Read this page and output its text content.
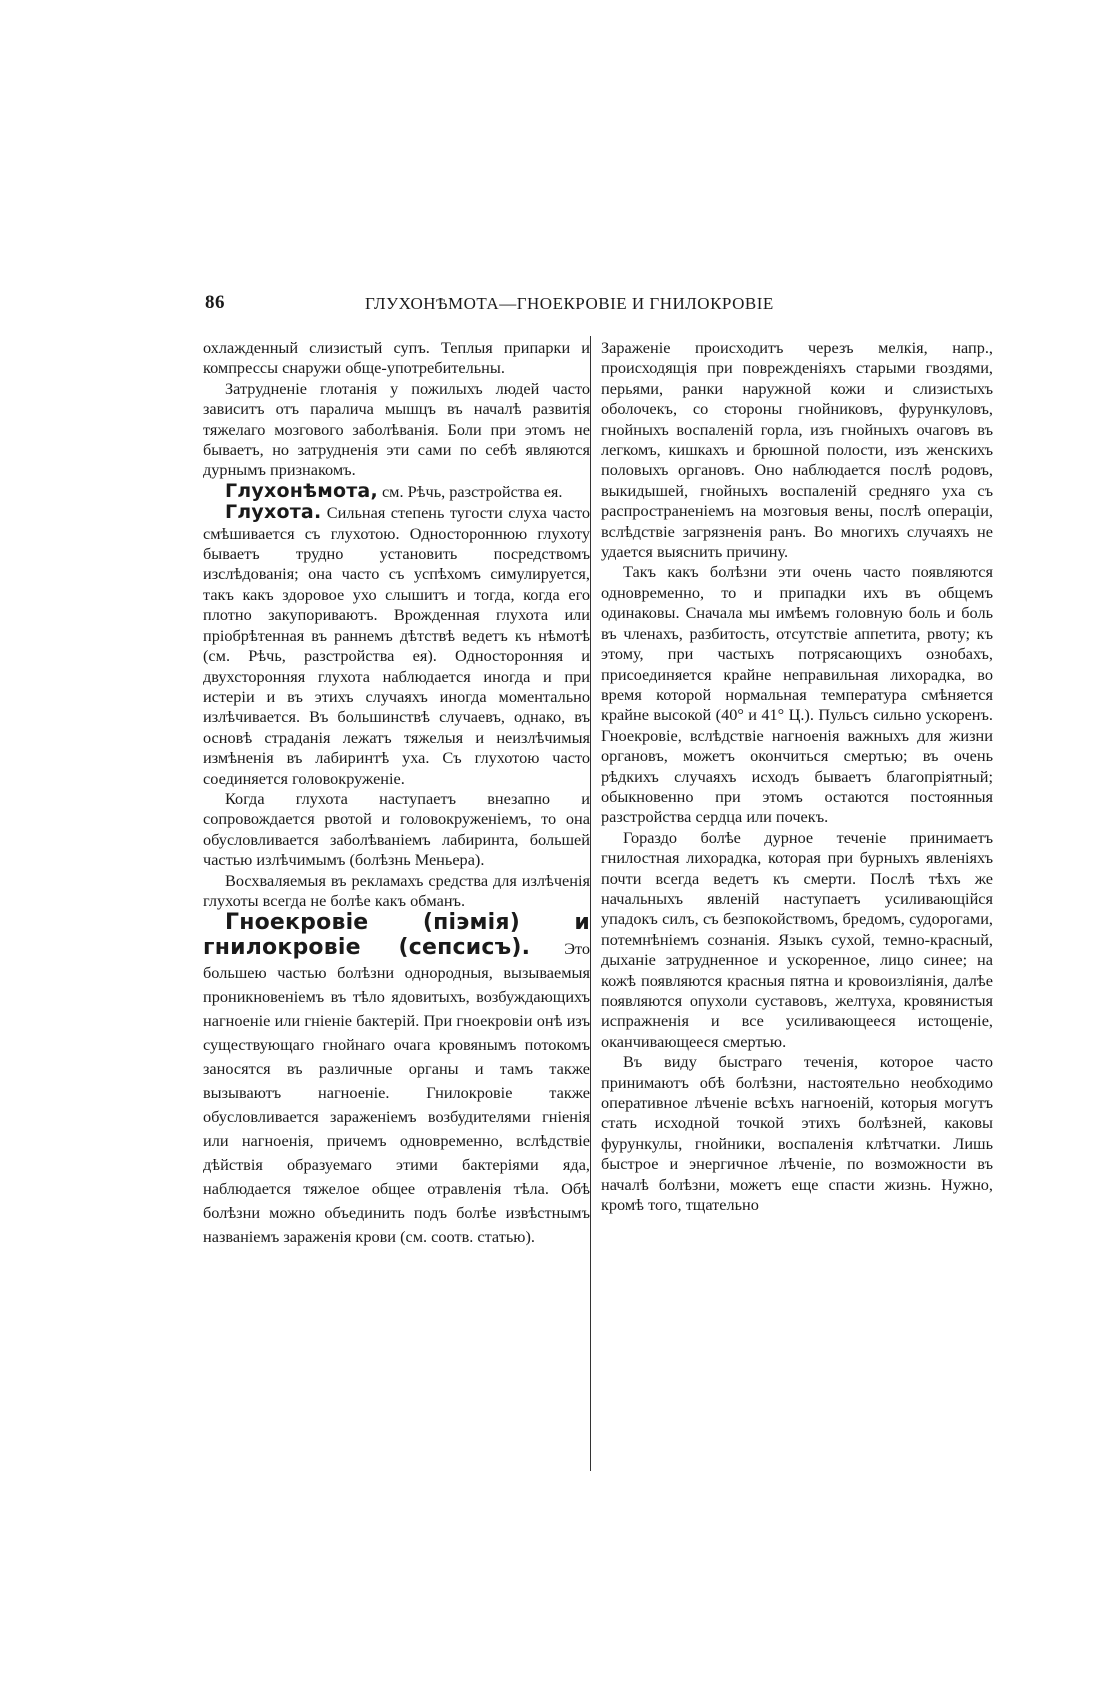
86	ГЛУХОНѢМОТА—ГНОЕКРОВІЕ И ГНИЛОКРОВІЕ

охлажденный слизистый супъ. Теплыя припарки и компрессы снаружи обще-употребительны.

Затрудненіе глотанія у пожилыхъ людей часто зависитъ отъ паралича мышцъ въ началѣ развитія тяжелаго мозгового заболѣванія. Боли при этомъ не бываетъ, но затрудненія эти сами по себѣ являются дурнымъ признакомъ.

Глухонѣмота, см. Рѣчь, разстройства ея.

Глухота. Сильная степень тугости слуха часто смѣшивается съ глухотою. Одностороннюю глухоту бываетъ трудно установить посредствомъ изслѣдованія; она часто съ успѣхомъ симулируется, такъ какъ здоровое ухо слышитъ и тогда, когда его плотно закупориваютъ. Врожденная глухота или пріобрѣтенная въ раннемъ дѣтствѣ ведетъ къ нѣмотѣ (см. Рѣчь, разстройства ея). Односторонняя и двухсторонняя глухота наблюдается иногда и при истеріи и въ этихъ случаяхъ иногда моментально излѣчивается. Въ большинствѣ случаевъ, однако, въ основѣ страданія лежатъ тяжелыя и неизлѣчимыя измѣненія въ лабиринтѣ уха. Съ глухотою часто соединяется головокруженіе.

Когда глухота наступаетъ внезапно и сопровождается рвотой и головокруженіемъ, то она обусловливается заболѣваніемъ лабиринта, большей частью излѣчимымъ (болѣзнь Меньера).

Восхваляемыя въ рекламахъ средства для излѣченія глухоты всегда не болѣе какъ обманъ.

Гноекровіе (піэмія) и гнилокровіе (сепсисъ). Это большею частью болѣзни однородныя, вызываемыя проникновеніемъ въ тѣло ядовитыхъ, возбуждающихъ нагноеніе или гніеніе бактерій. При гноекровіи онѣ изъ существующаго гнойнаго очага кровянымъ потокомъ заносятся въ различные органы и тамъ также вызываютъ нагноеніе. Гнилокровіе также обусловливается зараженіемъ возбудителями гніенія или нагноенія, причемъ одновременно, вслѣдствіе дѣйствія образуемаго этими бактеріями яда, наблюдается тяжелое общее отравленія тѣла. Обѣ болѣзни можно объединить подъ болѣе извѣстнымъ названіемъ зараженія крови (см. соотв. статью).

Зараженіе происходитъ черезъ мелкія, напр., происходящія при поврежденіяхъ старыми гвоздями, перьями, ранки наружной кожи и слизистыхъ оболочекъ, со стороны гнойниковъ, фурункуловъ, гнойныхъ воспаленій горла, изъ гнойныхъ очаговъ въ легкомъ, кишкахъ и брюшной полости, изъ женскихъ половыхъ органовъ. Оно наблюдается послѣ родовъ, выкидышей, гнойныхъ воспаленій средняго уха съ распространеніемъ на мозговыя вены, послѣ операціи, вслѣдствіе загрязненія ранъ. Во многихъ случаяхъ не удается выяснить причину.

Такъ какъ болѣзни эти очень часто появляются одновременно, то и припадки ихъ въ общемъ одинаковы. Сначала мы имѣемъ головную боль и боль въ членахъ, разбитость, отсутствіе аппетита, рвоту; къ этому, при частыхъ потрясающихъ ознобахъ, присоединяется крайне неправильная лихорадка, во время которой нормальная температура смѣняется крайне высокой (40° и 41° Ц.). Пульсъ сильно ускоренъ. Гноекровіе, вслѣдствіе нагноенія важныхъ для жизни органовъ, можетъ окончиться смертью; въ очень рѣдкихъ случаяхъ исходъ бываетъ благопріятный; обыкновенно при этомъ остаются постоянныя разстройства сердца или почекъ.

Гораздо болѣе дурное теченіе принимаетъ гнилостная лихорадка, которая при бурныхъ явленіяхъ почти всегда ведетъ къ смерти. Послѣ тѣхъ же начальныхъ явленій наступаетъ усиливающійся упадокъ силъ, съ безпокойствомъ, бредомъ, судорогами, потемнѣніемъ сознанія. Языкъ сухой, темно-красный, дыханіе затрудненное и ускоренное, лицо синее; на кожѣ появляются красныя пятна и кровоизліянія, далѣе появляются опухоли суставовъ, желтуха, кровянистыя испражненія и все усиливающееся истощеніе, оканчивающееся смертью.

Въ виду быстраго теченія, которое часто принимаютъ обѣ болѣзни, настоятельно необходимо оперативное лѣченіе всѣхъ нагноеній, которыя могутъ стать исходной точкой этихъ болѣзней, каковы фурункулы, гнойники, воспаленія клѣтчатки. Лишь быстрое и энергичное лѣченіе, по возможности въ началѣ болѣзни, можетъ еще спасти жизнь. Нужно, кромѣ того, тщательно
